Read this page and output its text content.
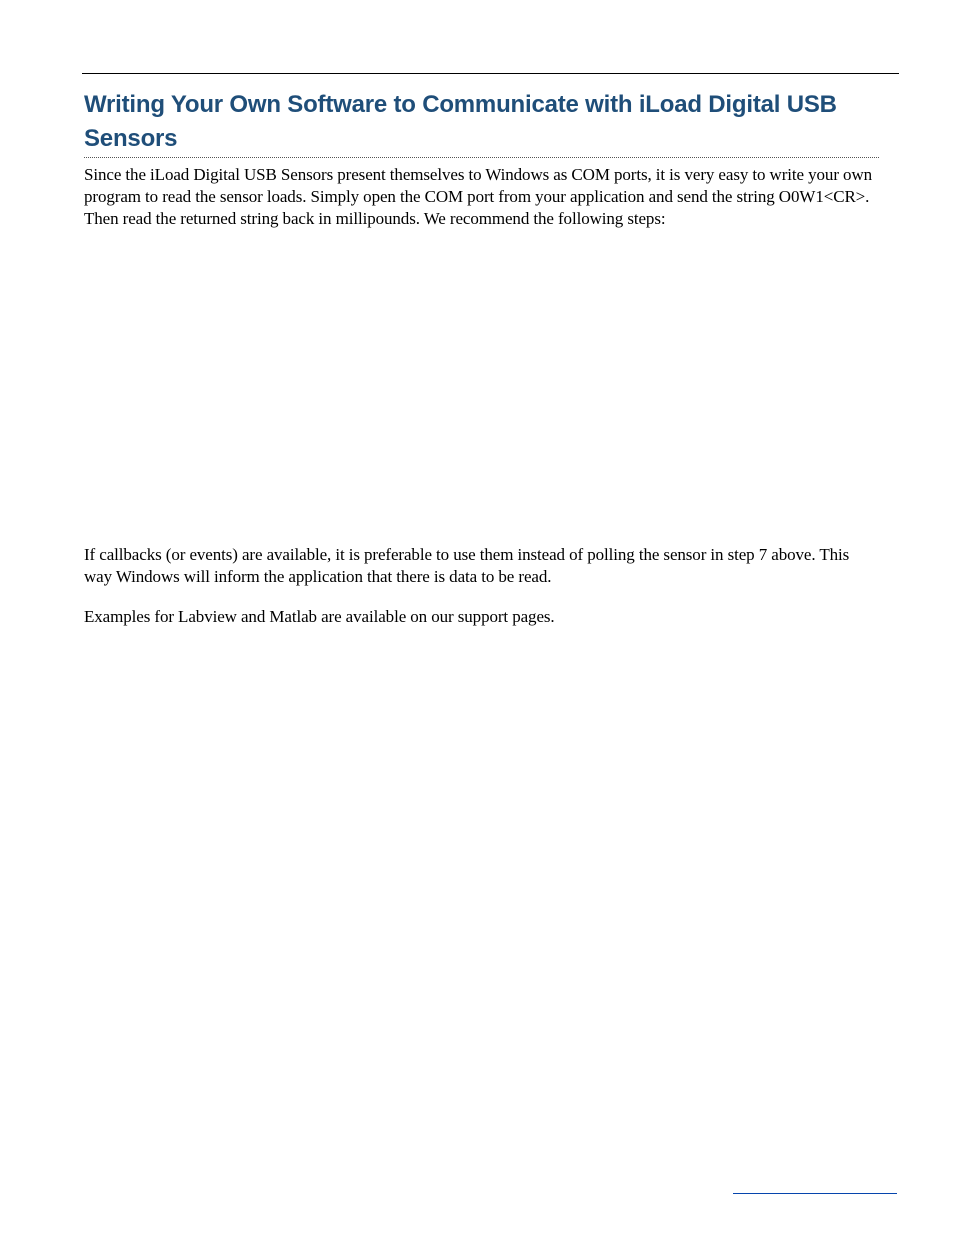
Writing Your Own Software to Communicate with iLoad Digital USB Sensors

Since the iLoad Digital USB Sensors present themselves to Windows as COM ports, it is very easy to write your own program to read the sensor loads. Simply open the COM port from your application and send the string O0W1<CR>. Then read the returned string back in millipounds. We recommend the following steps:

If callbacks (or events) are available, it is preferable to use them instead of polling the sensor in step 7 above. This way Windows will inform the application that there is data to be read.

Examples for Labview and Matlab are available on our support pages.
